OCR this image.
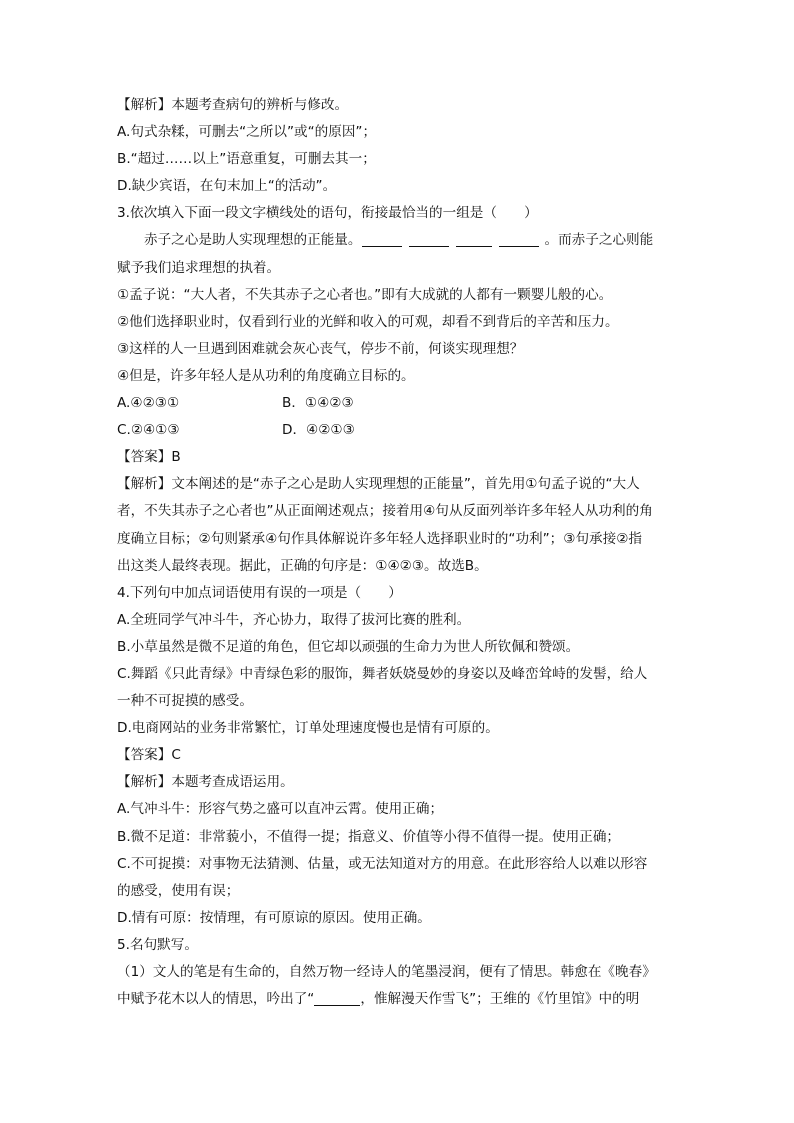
【解析】本题考查病句的辨析与修改。
A.句式杂糅，可删去“之所以”或“的原因”；
B.“超过……以上”语意重复，可删去其一；
D.缺少宾语，在句末加上“的活动”。
3.依次填入下面一段文字横线处的语句，衔接最恰当的一组是（　　）
赤子之心是助人实现理想的正能量。	。而赤子之心则能
赋予我们追求理想的执着。
①孟子说：“大人者，不失其赤子之心者也。”即有大成就的人都有一颗婴儿般的心。
②他们选择职业时，仅看到行业的光鲜和收入的可观，却看不到背后的辛苦和压力。
③这样的人一旦遇到困难就会灰心丧气，停步不前，何谈实现理想？
④但是，许多年轻人是从功利的角度确立目标的。
A.④②③①	B．①④②③
C.②④①③	D．④②①③
【答案】B
【解析】文本阐述的是“赤子之心是助人实现理想的正能量”，首先用①句孟子说的“大人
者，不失其赤子之心者也”从正面阐述观点；接着用④句从反面列举许多年轻人从功利的角
度确立目标；②句则紧承④句作具体解说许多年轻人选择职业时的“功利”；③句承接②指
出这类人最终表现。据此，正确的句序是：①④②③。故选B。
4.下列句中加点词语使用有误的一项是（　　）
A.全班同学气冲斗牛，齐心协力，取得了拔河比赛的胜利。
B.小草虽然是微不足道的角色，但它却以顽强的生命力为世人所钦佩和赞颂。
C.舞蹈《只此青绿》中青绿色彩的服饰，舞者妖娆曼妙的身姿以及峰峦耸峙的发髻，给人
一种不可捉摸的感受。
D.电商网站的业务非常繁忙，订单处理速度慢也是情有可原的。
【答案】C
【解析】本题考查成语运用。
A.气冲斗牛：形容气势之盛可以直冲云霄。使用正确；
B.微不足道：非常藐小，不值得一提；指意义、价值等小得不值得一提。使用正确；
C.不可捉摸：对事物无法猜测、估量，或无法知道对方的用意。在此形容给人以难以形容
的感受，使用有误；
D.情有可原：按情理，有可原谅的原因。使用正确。
5.名句默写。
（1）文人的笔是有生命的，自然万物一经诗人的笔墨浸润，便有了情思。韩愈在《晚春》
中赋予花木以人的情思，吟出了“	，惟解漫天作雪飞”；王维的《竹里馆》中的明
